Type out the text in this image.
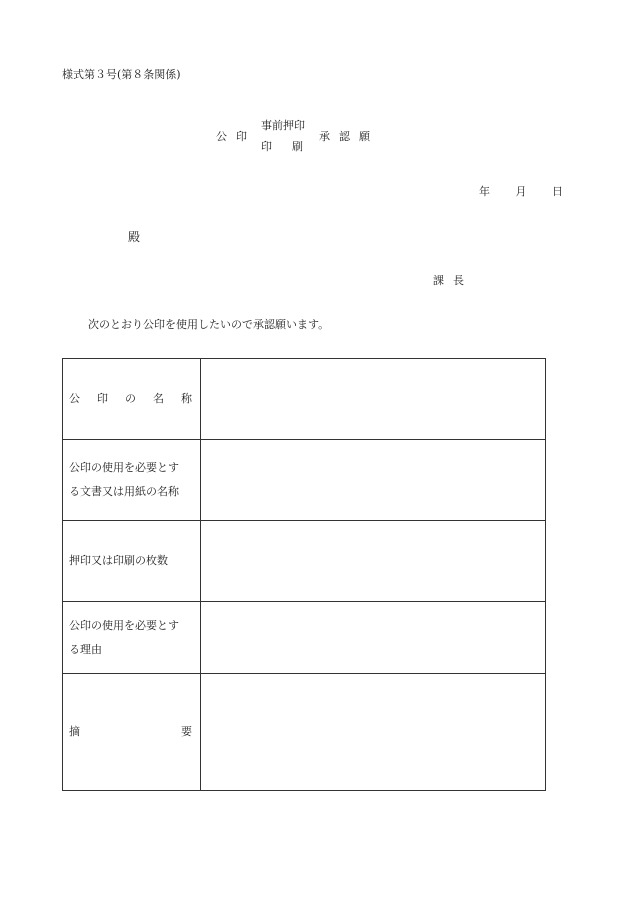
様式第３号(第８条関係)
公印
事前押印
印刷
承認願
年 月 日
殿
課長
次のとおり公印を使用したいので承認願います。
公 印 の 名 称	

公印の使用を必要とす
る文書又は用紙の名称	

押印又は印刷の枚数	

公印の使用を必要とす
る理由	

摘 要	
